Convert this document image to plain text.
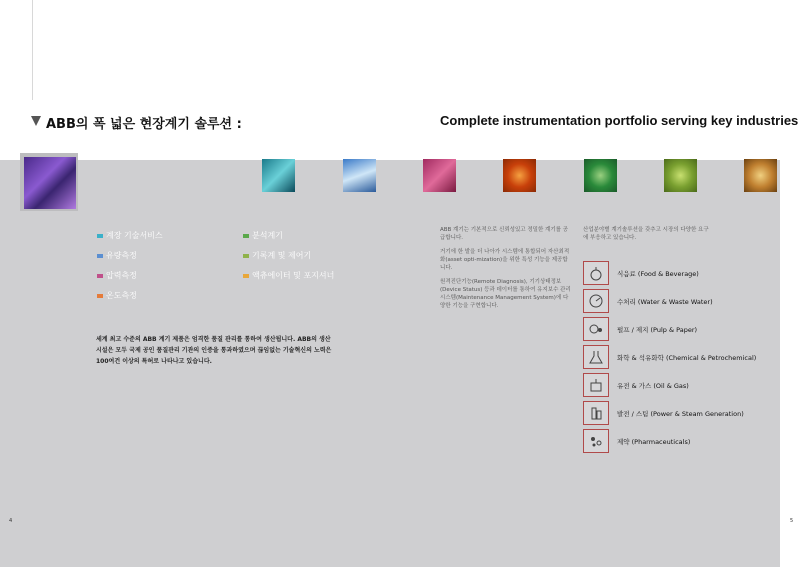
ABB의 폭 넓은 현장계기 솔루션 :	Complete instrumentation portfolio serving key industries
계장 기술서비스
유량측정
압력측정
온도측정
분석계기
기록계 및 제어기
액츄에이터 및 포지셔너
세계 최고 수준의 ABB 계기 제품은 엄격한 품질 관리를 통하여 생산됩니다. ABB의 생산시설은 모두 국제 공인 품질관리 기관의 인증을 통과하였으며 끊임없는 기술혁신의 노력은 100여건 이상의 특허로 나타나고 있습니다.

ABB 계기는 기본적으로 신뢰성있고 정밀한 계기를 공급합니다.

거기에 한 발을 더 나아가 시스템에 통합되어 자산최적화(asset opti-mization)을 위한 특성 기능을 제공합니다.

원격진단기능(Remote Diagnosis), 기기상태정보 (Device Status) 등과 데이터를 통하여 유지보수 관리시스템(Maintenance Management System)에 다양한 기능을 구현합니다.

산업분야별 계기솔루션을 갖추고 시장의 다양한 요구에 부응하고 있습니다.
식음료 (Food & Beverage)
수처리 (Water & Waste Water)
펄프 / 제지 (Pulp & Paper)
화학 & 석유화학 (Chemical & Petrochemical)
유전 & 가스 (Oil & Gas)
발전 / 스팀 (Power & Steam Generation)
제약 (Pharmaceuticals)
4	5
